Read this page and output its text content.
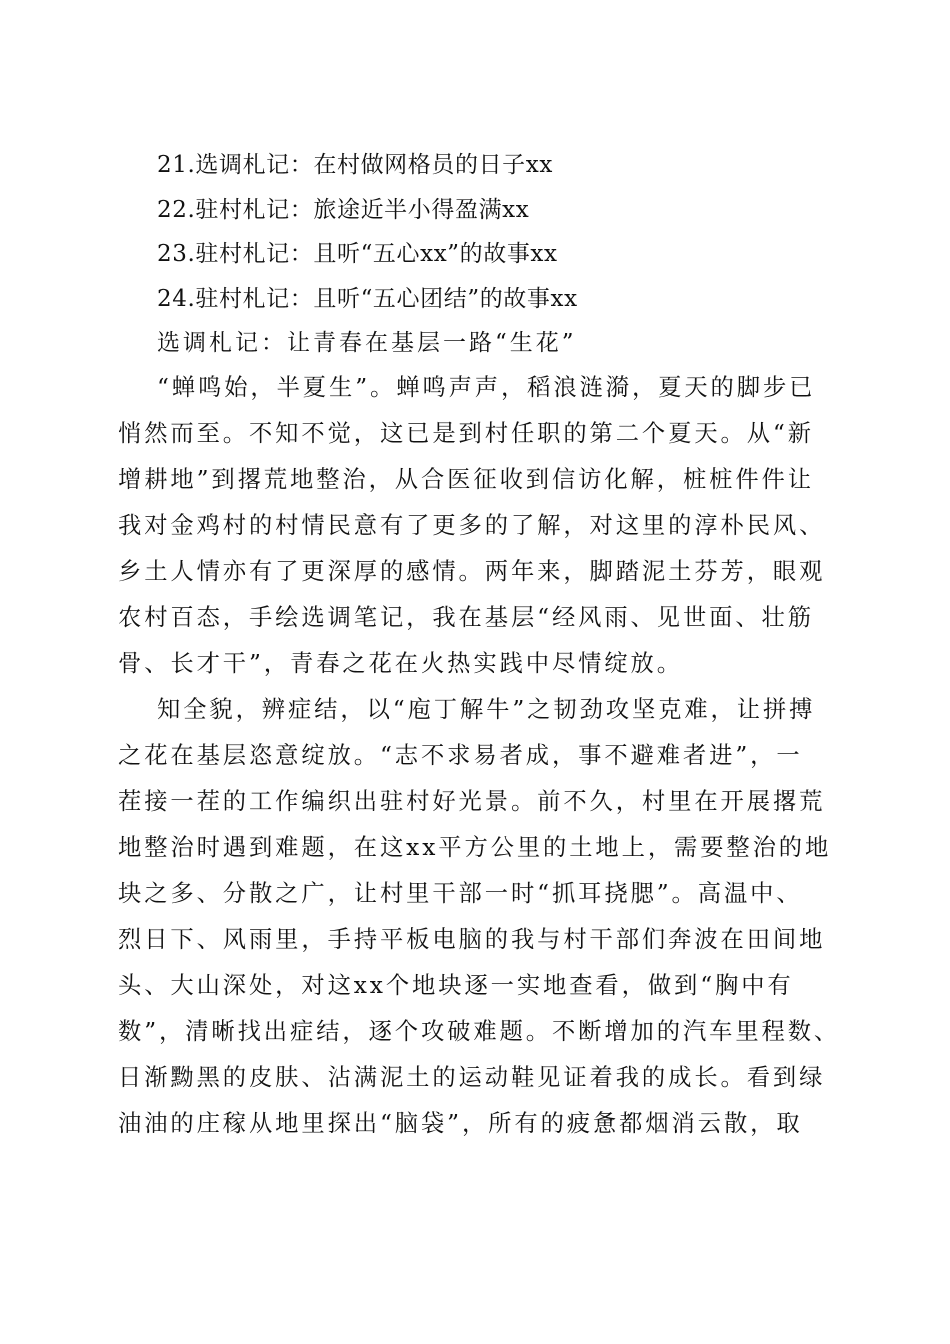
21.选调札记：在村做网格员的日子xx
22.驻村札记：旅途近半小得盈满xx
23.驻村札记：且听“五心xx”的故事xx
24.驻村札记：且听“五心团结”的故事xx
选调札记：让青春在基层一路“生花”
“蝉鸣始，半夏生”。蝉鸣声声，稻浪涟漪，夏天的脚步已
悄然而至。不知不觉，这已是到村任职的第二个夏天。从“新
增耕地”到撂荒地整治，从合医征收到信访化解，桩桩件件让
我对金鸡村的村情民意有了更多的了解，对这里的淳朴民风、
乡土人情亦有了更深厚的感情。两年来，脚踏泥土芬芳，眼观
农村百态，手绘选调笔记，我在基层“经风雨、见世面、壮筋
骨、长才干”，青春之花在火热实践中尽情绽放。
知全貌，辨症结，以“庖丁解牛”之韧劲攻坚克难，让拼搏
之花在基层恣意绽放。“志不求易者成，事不避难者进”，一
茬接一茬的工作编织出驻村好光景。前不久，村里在开展撂荒
地整治时遇到难题，在这xx平方公里的土地上，需要整治的地
块之多、分散之广，让村里干部一时“抓耳挠腮”。高温中、
烈日下、风雨里，手持平板电脑的我与村干部们奔波在田间地
头、大山深处，对这xx个地块逐一实地查看，做到“胸中有
数”，清晰找出症结，逐个攻破难题。不断增加的汽车里程数、
日渐黝黑的皮肤、沾满泥土的运动鞋见证着我的成长。看到绿
油油的庄稼从地里探出“脑袋”，所有的疲惫都烟消云散，取
